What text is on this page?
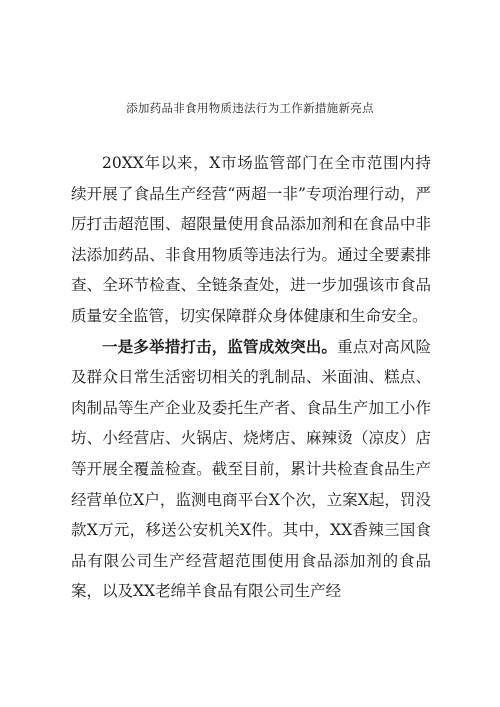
添加药品非食用物质违法行为工作新措施新亮点

20XX年以来，X市场监管部门在全市范围内持续开展了食品生产经营“两超一非”专项治理行动，严厉打击超范围、超限量使用食品添加剂和在食品中非法添加药品、非食用物质等违法行为。通过全要素排查、全环节检查、全链条查处，进一步加强该市食品质量安全监管，切实保障群众身体健康和生命安全。

一是多举措打击，监管成效突出。重点对高风险及群众日常生活密切相关的乳制品、米面油、糕点、肉制品等生产企业及委托生产者、食品生产加工小作坊、小经营店、火锅店、烧烤店、麻辣烫（凉皮）店等开展全覆盖检查。截至目前，累计共检查食品生产经营单位X户，监测电商平台X个次，立案X起，罚没款X万元，移送公安机关X件。其中，XX香辣三国食品有限公司生产经营超范围使用食品添加剂的食品案，以及XX老绵羊食品有限公司生产经
